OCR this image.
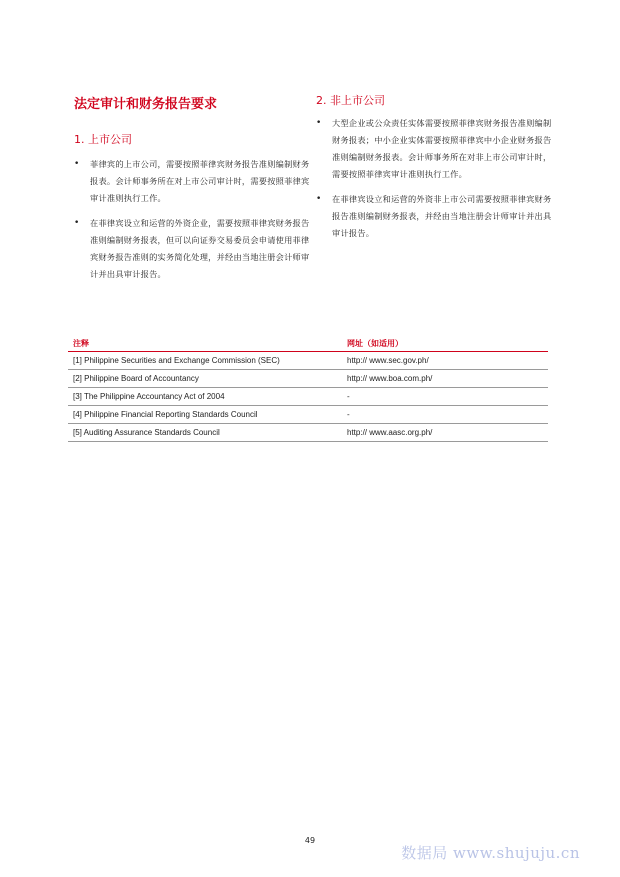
法定审计和财务报告要求
1. 上市公司
• 菲律宾的上市公司，需要按照菲律宾财务报告准则编制财务报表。会计师事务所在对上市公司审计时，需要按照菲律宾审计准则执行工作。
• 在菲律宾设立和运营的外资企业，需要按照菲律宾财务报告准则编制财务报表，但可以向证券交易委员会申请使用菲律宾财务报告准则的实务简化处理，并经由当地注册会计师审计并出具审计报告。
2. 非上市公司
• 大型企业或公众责任实体需要按照菲律宾财务报告准则编制财务报表；中小企业实体需要按照菲律宾中小企业财务报告准则编制财务报表。会计师事务所在对非上市公司审计时，需要按照菲律宾审计准则执行工作。
• 在菲律宾设立和运营的外资非上市公司需要按照菲律宾财务报告准则编制财务报表，并经由当地注册会计师审计并出具审计报告。
注释	网址（如适用）
[1] Philippine Securities and Exchange Commission (SEC)	http:// www.sec.gov.ph/
[2] Philippine Board of Accountancy	http:// www.boa.com.ph/
[3] The Philippine Accountancy Act of 2004	-
[4] Philippine Financial Reporting Standards Council	-
[5] Auditing Assurance Standards Council	http:// www.aasc.org.ph/
49
数据局 www.shujuju.cn
